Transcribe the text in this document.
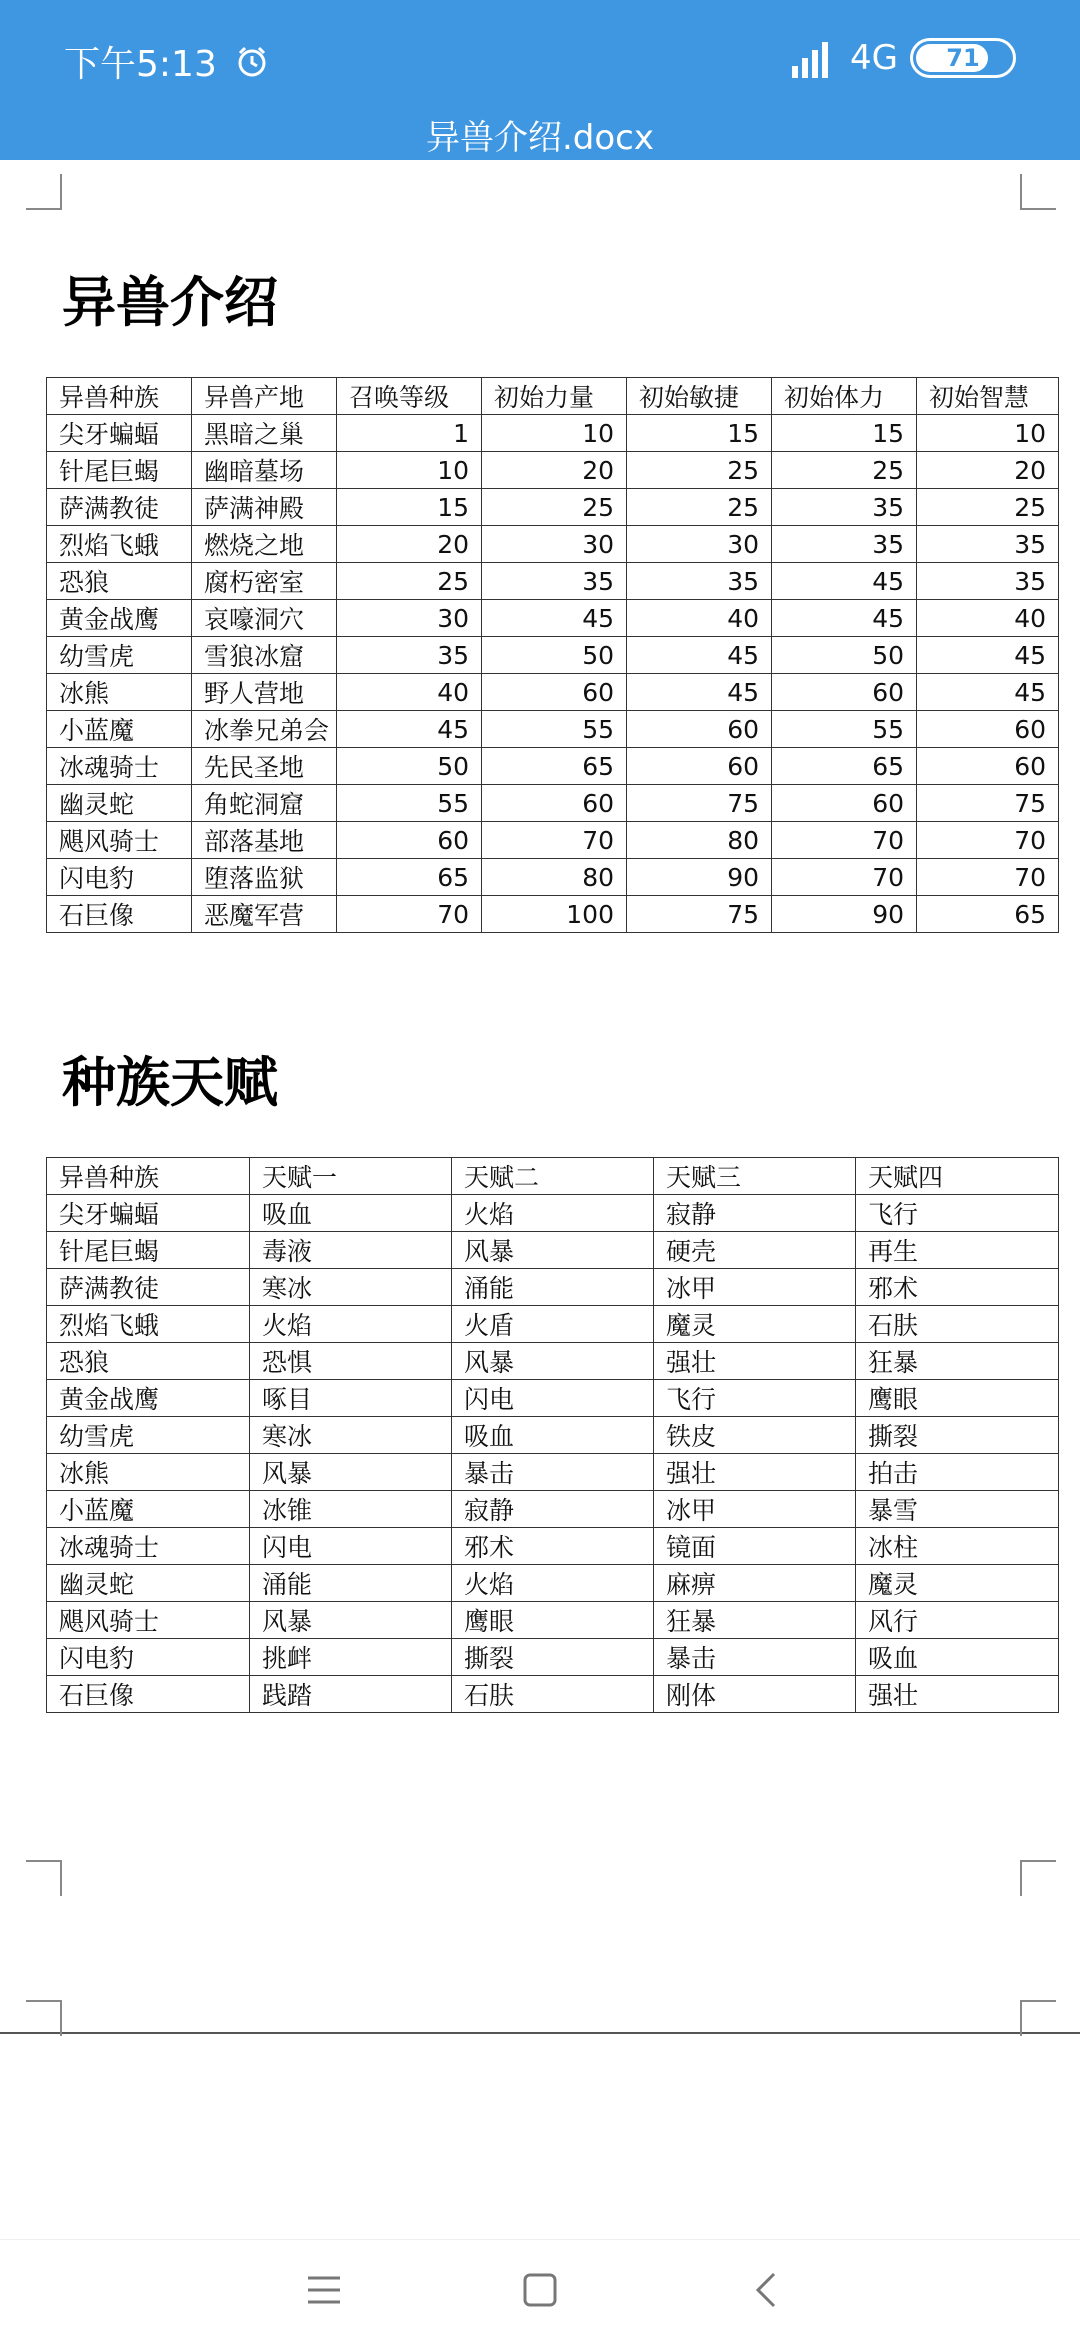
下午5:13	4G 71
异兽介绍.docx
异兽介绍
异兽种族	异兽产地	召唤等级	初始力量	初始敏捷	初始体力	初始智慧
尖牙蝙蝠	黑暗之巢	1	10	15	15	10
针尾巨蝎	幽暗墓场	10	20	25	25	20
萨满教徒	萨满神殿	15	25	25	35	25
烈焰飞蛾	燃烧之地	20	30	30	35	35
恐狼	腐朽密室	25	35	35	45	35
黄金战鹰	哀嚎洞穴	30	45	40	45	40
幼雪虎	雪狼冰窟	35	50	45	50	45
冰熊	野人营地	40	60	45	60	45
小蓝魔	冰拳兄弟会	45	55	60	55	60
冰魂骑士	先民圣地	50	65	60	65	60
幽灵蛇	角蛇洞窟	55	60	75	60	75
飓风骑士	部落基地	60	70	80	70	70
闪电豹	堕落监狱	65	80	90	70	70
石巨像	恶魔军营	70	100	75	90	65
种族天赋
异兽种族	天赋一	天赋二	天赋三	天赋四
尖牙蝙蝠	吸血	火焰	寂静	飞行
针尾巨蝎	毒液	风暴	硬壳	再生
萨满教徒	寒冰	涌能	冰甲	邪术
烈焰飞蛾	火焰	火盾	魔灵	石肤
恐狼	恐惧	风暴	强壮	狂暴
黄金战鹰	啄目	闪电	飞行	鹰眼
幼雪虎	寒冰	吸血	铁皮	撕裂
冰熊	风暴	暴击	强壮	拍击
小蓝魔	冰锥	寂静	冰甲	暴雪
冰魂骑士	闪电	邪术	镜面	冰柱
幽灵蛇	涌能	火焰	麻痹	魔灵
飓风骑士	风暴	鹰眼	狂暴	风行
闪电豹	挑衅	撕裂	暴击	吸血
石巨像	践踏	石肤	刚体	强壮
